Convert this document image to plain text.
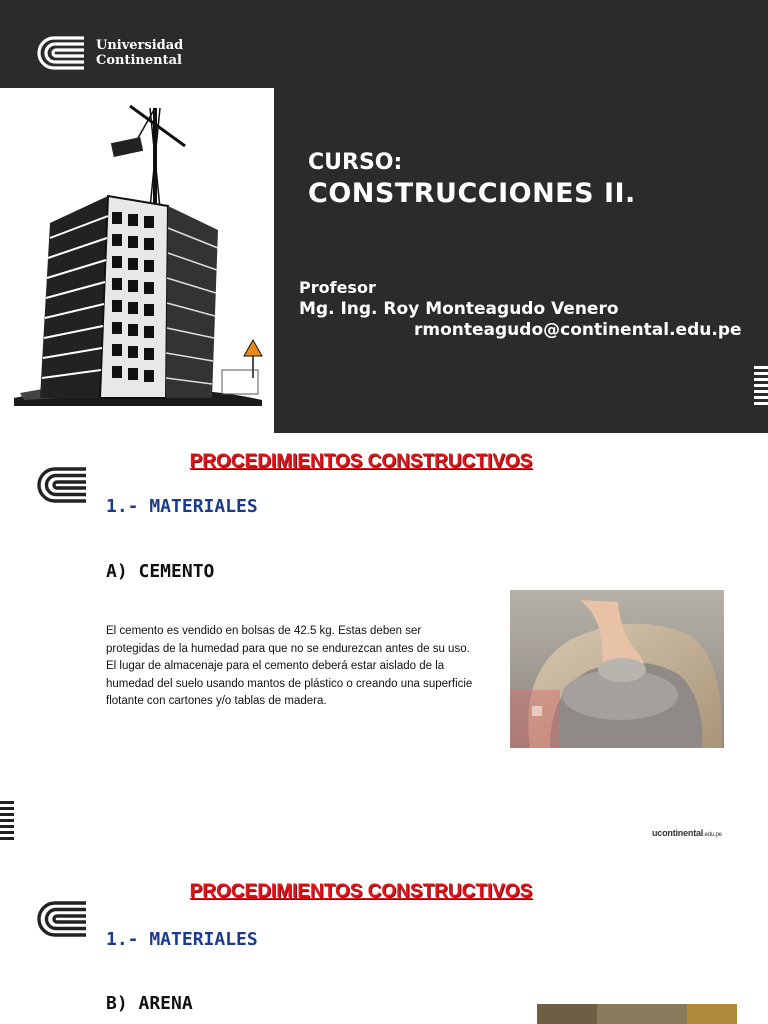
Universidad
Continental
CURSO:
CONSTRUCCIONES II.
Profesor
Mg. Ing. Roy Monteagudo Venero
rmonteagudo@continental.edu.pe
PROCEDIMIENTOS CONSTRUCTIVOS
1.- MATERIALES
A) CEMENTO
El cemento es vendido en bolsas de 42.5 kg. Estas deben ser protegidas de la humedad para que no se endurezcan antes de su uso. El lugar de almacenaje para el cemento deberá estar aislado de la humedad del suelo usando mantos de plástico o creando una superficie flotante con cartones y/o tablas de madera.
ucontinental.edu.pe
PROCEDIMIENTOS CONSTRUCTIVOS
1.- MATERIALES
B) ARENA
